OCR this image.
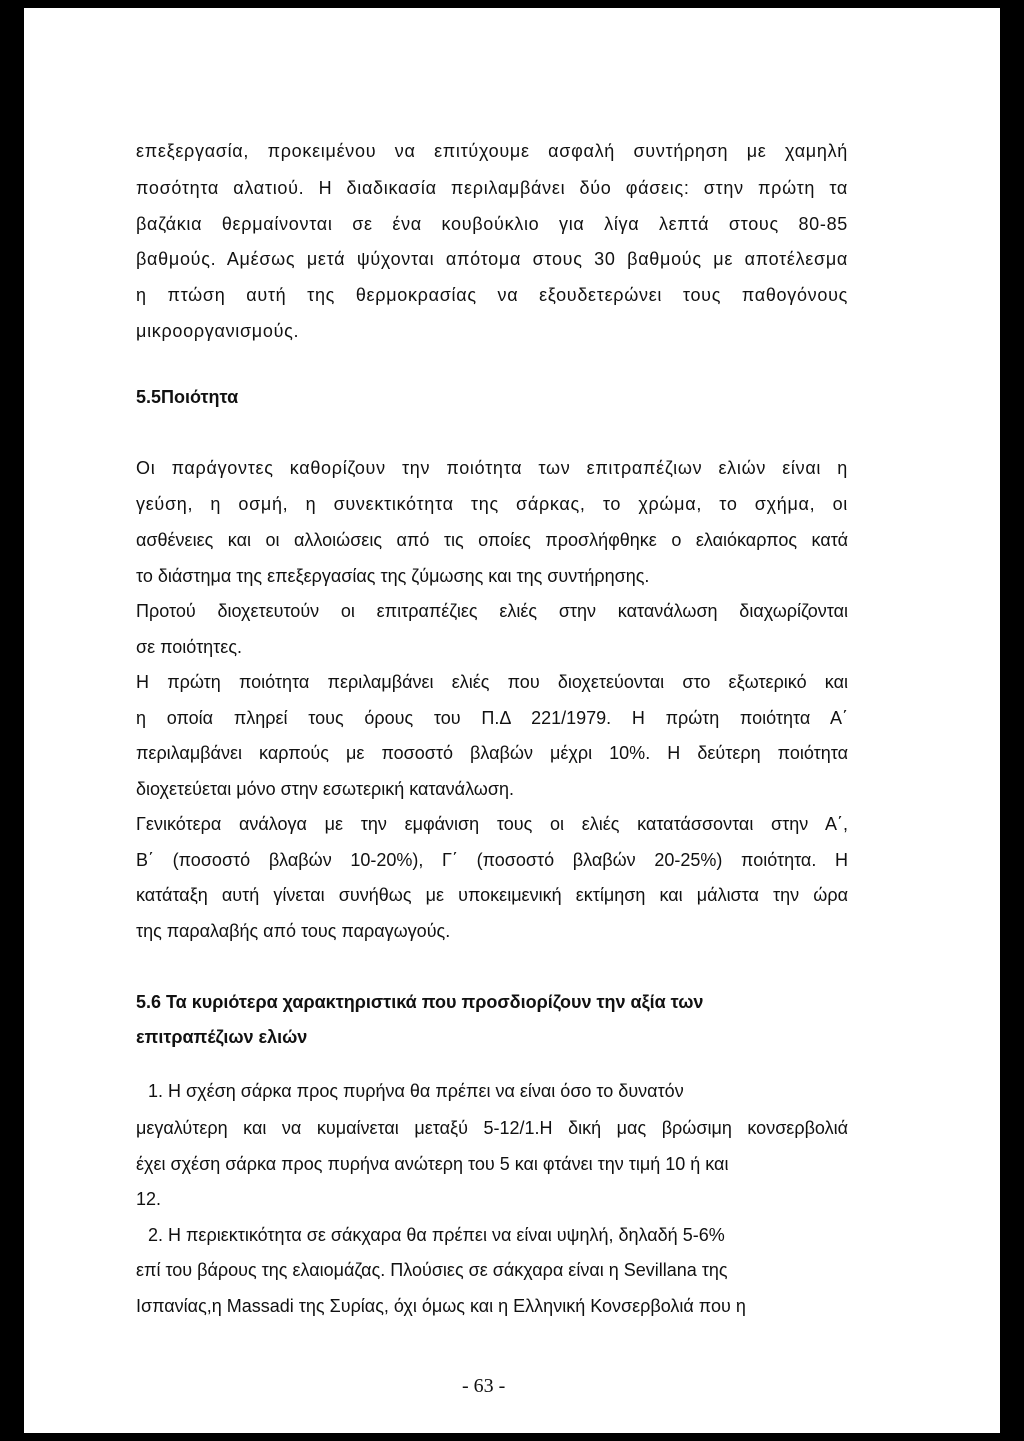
επεξεργασία, προκειμένου να επιτύχουμε ασφαλή συντήρηση με χαμηλή

ποσότητα αλατιού. Η διαδικασία περιλαμβάνει δύο φάσεις: στην πρώτη τα

βαζάκια θερμαίνονται σε ένα κουβούκλιο για λίγα λεπτά στους 80-85

βαθμούς. Αμέσως μετά ψύχονται απότομα στους 30 βαθμούς με αποτέλεσμα

η πτώση αυτή της θερμοκρασίας να εξουδετερώνει τους παθογόνους

μικροοργανισμούς.

5.5Ποιότητα

Οι παράγοντες καθορίζουν την ποιότητα των επιτραπέζιων ελιών είναι η

γεύση, η οσμή, η συνεκτικότητα της σάρκας, το χρώμα, το σχήμα, οι

ασθένειες και οι αλλοιώσεις από τις οποίες προσλήφθηκε ο ελαιόκαρπος κατά

το διάστημα της επεξεργασίας της ζύμωσης και της συντήρησης.

Προτού διοχετευτούν οι επιτραπέζιες ελιές στην κατανάλωση διαχωρίζονται

σε ποιότητες.

Η πρώτη ποιότητα περιλαμβάνει ελιές που διοχετεύονται στο εξωτερικό και

η οποία πληρεί τους όρους του Π.Δ 221/1979. Η πρώτη ποιότητα Α΄

περιλαμβάνει καρπούς με ποσοστό βλαβών μέχρι 10%. Η δεύτερη ποιότητα

διοχετεύεται μόνο στην εσωτερική κατανάλωση.

Γενικότερα ανάλογα με την εμφάνιση τους οι ελιές κατατάσσονται στην Α΄,

Β΄ (ποσοστό βλαβών 10-20%), Γ΄ (ποσοστό βλαβών 20-25%) ποιότητα. Η

κατάταξη αυτή γίνεται συνήθως με υποκειμενική εκτίμηση και μάλιστα την ώρα

της παραλαβής από τους παραγωγούς.

5.6 Τα κυριότερα χαρακτηριστικά που προσδιορίζουν την αξία των

επιτραπέζιων ελιών

1. Η σχέση σάρκα προς πυρήνα θα πρέπει να είναι όσο το δυνατόν

μεγαλύτερη και να κυμαίνεται μεταξύ 5-12/1.Η δική μας βρώσιμη κονσερβολιά

έχει σχέση σάρκα προς πυρήνα ανώτερη του 5 και φτάνει την τιμή 10 ή και

12.

2. Η περιεκτικότητα σε σάκχαρα θα πρέπει να είναι υψηλή, δηλαδή 5-6%

επί του βάρους της ελαιομάζας. Πλούσιες σε σάκχαρα είναι η Sevillana της

Ισπανίας,η Massadi της Συρίας, όχι όμως και η Ελληνική Κονσερβολιά που η

- 63 -
